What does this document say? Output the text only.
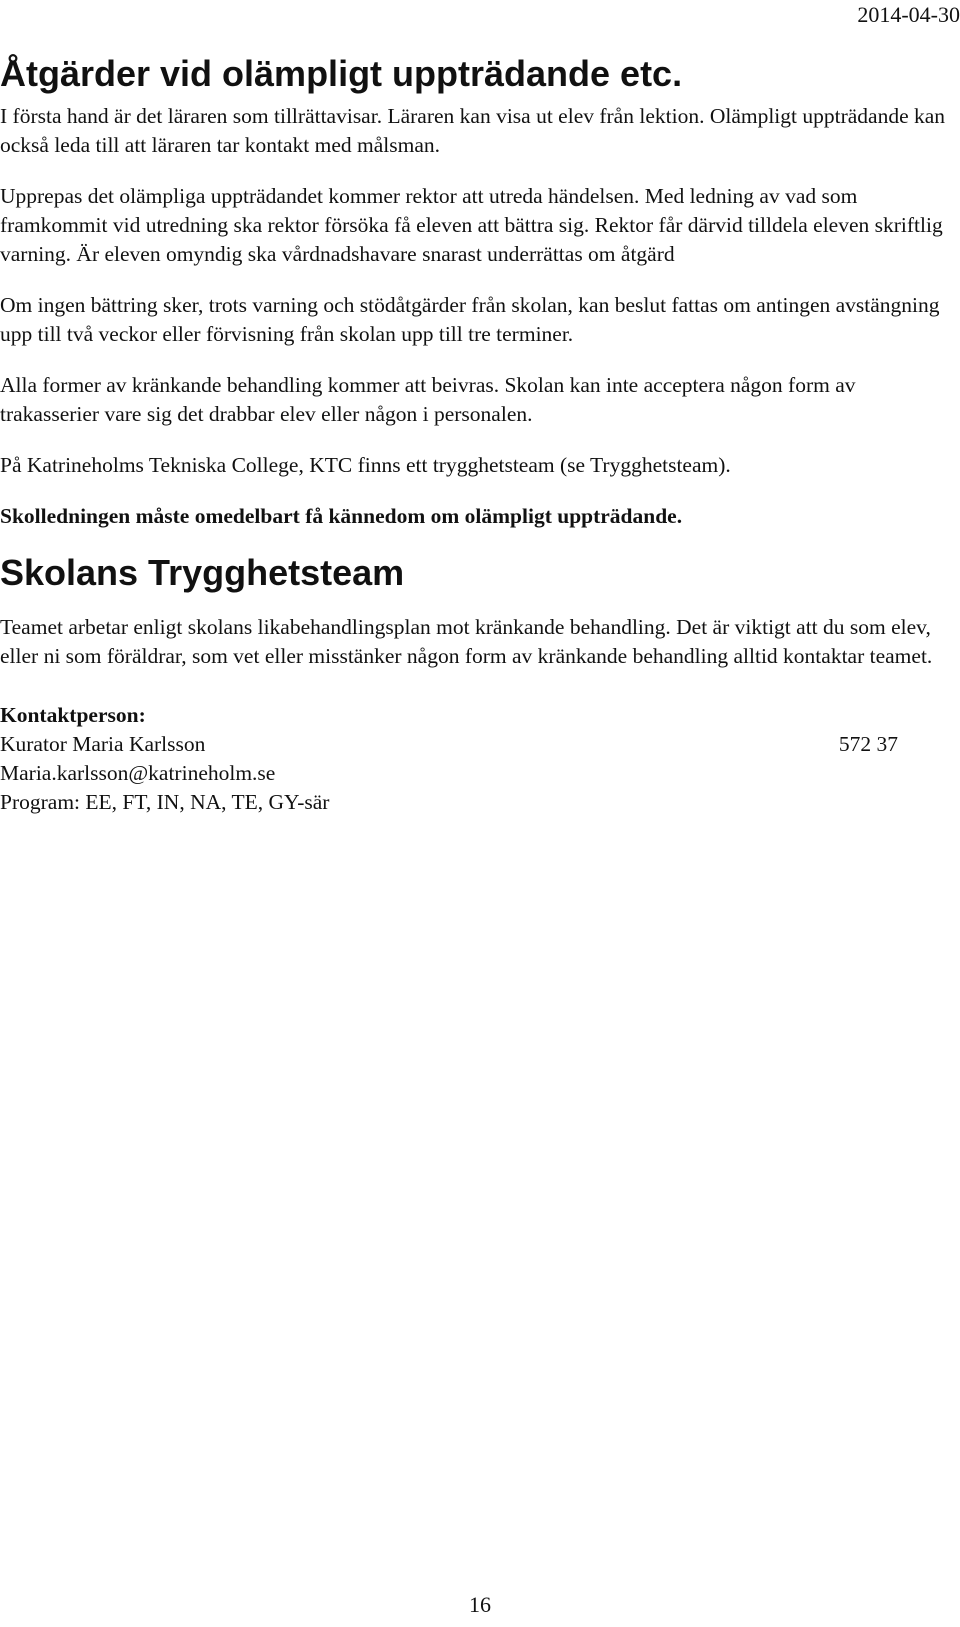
2014-04-30
Åtgärder vid olämpligt uppträdande etc.

I första hand är det läraren som tillrättavisar. Läraren kan visa ut elev från lektion. Olämpligt uppträdande kan också leda till att läraren tar kontakt med målsman.

Upprepas det olämpliga uppträdandet kommer rektor att utreda händelsen. Med ledning av vad som framkommit vid utredning ska rektor försöka få eleven att bättra sig. Rektor får därvid tilldela eleven skriftlig varning. Är eleven omyndig ska vårdnadshavare snarast underrättas om åtgärd

Om ingen bättring sker, trots varning och stödåtgärder från skolan, kan beslut fattas om antingen avstängning upp till två veckor eller förvisning från skolan upp till tre terminer.

Alla former av kränkande behandling kommer att beivras. Skolan kan inte acceptera någon form av trakasserier vare sig det drabbar elev eller någon i personalen.

På Katrineholms Tekniska College, KTC finns ett trygghetsteam (se Trygghetsteam).

Skolledningen måste omedelbart få kännedom om olämpligt uppträdande.

Skolans Trygghetsteam

Teamet arbetar enligt skolans likabehandlingsplan mot kränkande behandling. Det är viktigt att du som elev, eller ni som föräldrar, som vet eller misstänker någon form av kränkande behandling alltid kontaktar teamet.

Kontaktperson:

Kurator Maria Karlsson	572 37

Maria.karlsson@katrineholm.se

Program: EE, FT, IN, NA, TE, GY-sär

16
